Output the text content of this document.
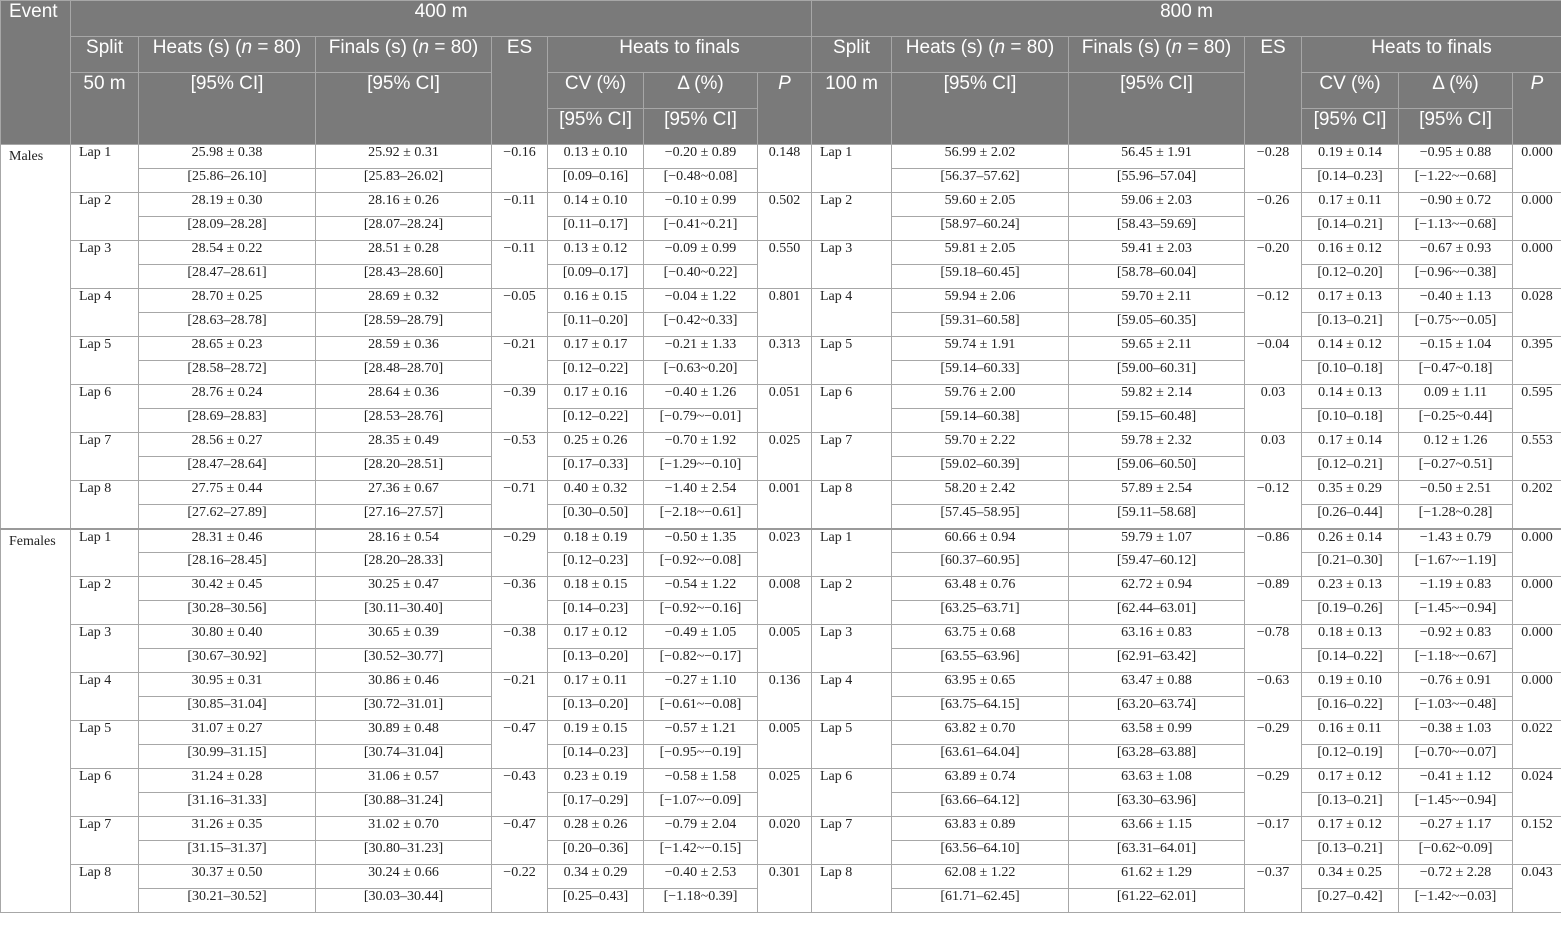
Event	400 m							800 m						
	Split	Heats (s) (n = 80)	Finals (s) (n = 80)	ES	Heats to finals			Split	Heats (s) (n = 80)	Finals (s) (n = 80)	ES	Heats to finals		
	50 m	[95% CI]	[95% CI]		CV (%)	Δ (%)	P	100 m	[95% CI]	[95% CI]		CV (%)	Δ (%)	P
					[95% CI]	[95% CI]						[95% CI]	[95% CI]	
Males	Lap 1	25.98 ± 0.38	25.92 ± 0.31	−0.16	0.13 ± 0.10	−0.20 ± 0.89	0.148	Lap 1	56.99 ± 2.02	56.45 ± 1.91	−0.28	0.19 ± 0.14	−0.95 ± 0.88	0.000
		[25.86–26.10]	[25.83–26.02]		[0.09–0.16]	[−0.48~0.08]			[56.37–57.62]	[55.96–57.04]		[0.14–0.23]	[−1.22~−0.68]	
	Lap 2	28.19 ± 0.30	28.16 ± 0.26	−0.11	0.14 ± 0.10	−0.10 ± 0.99	0.502	Lap 2	59.60 ± 2.05	59.06 ± 2.03	−0.26	0.17 ± 0.11	−0.90 ± 0.72	0.000
		[28.09–28.28]	[28.07–28.24]		[0.11–0.17]	[−0.41~0.21]			[58.97–60.24]	[58.43–59.69]		[0.14–0.21]	[−1.13~−0.68]	
	Lap 3	28.54 ± 0.22	28.51 ± 0.28	−0.11	0.13 ± 0.12	−0.09 ± 0.99	0.550	Lap 3	59.81 ± 2.05	59.41 ± 2.03	−0.20	0.16 ± 0.12	−0.67 ± 0.93	0.000
		[28.47–28.61]	[28.43–28.60]		[0.09–0.17]	[−0.40~0.22]			[59.18–60.45]	[58.78–60.04]		[0.12–0.20]	[−0.96~−0.38]	
	Lap 4	28.70 ± 0.25	28.69 ± 0.32	−0.05	0.16 ± 0.15	−0.04 ± 1.22	0.801	Lap 4	59.94 ± 2.06	59.70 ± 2.11	−0.12	0.17 ± 0.13	−0.40 ± 1.13	0.028
		[28.63–28.78]	[28.59–28.79]		[0.11–0.20]	[−0.42~0.33]			[59.31–60.58]	[59.05–60.35]		[0.13–0.21]	[−0.75~−0.05]	
	Lap 5	28.65 ± 0.23	28.59 ± 0.36	−0.21	0.17 ± 0.17	−0.21 ± 1.33	0.313	Lap 5	59.74 ± 1.91	59.65 ± 2.11	−0.04	0.14 ± 0.12	−0.15 ± 1.04	0.395
		[28.58–28.72]	[28.48–28.70]		[0.12–0.22]	[−0.63~0.20]			[59.14–60.33]	[59.00–60.31]		[0.10–0.18]	[−0.47~0.18]	
	Lap 6	28.76 ± 0.24	28.64 ± 0.36	−0.39	0.17 ± 0.16	−0.40 ± 1.26	0.051	Lap 6	59.76 ± 2.00	59.82 ± 2.14	0.03	0.14 ± 0.13	0.09 ± 1.11	0.595
		[28.69–28.83]	[28.53–28.76]		[0.12–0.22]	[−0.79~−0.01]			[59.14–60.38]	[59.15–60.48]		[0.10–0.18]	[−0.25~0.44]	
	Lap 7	28.56 ± 0.27	28.35 ± 0.49	−0.53	0.25 ± 0.26	−0.70 ± 1.92	0.025	Lap 7	59.70 ± 2.22	59.78 ± 2.32	0.03	0.17 ± 0.14	0.12 ± 1.26	0.553
		[28.47–28.64]	[28.20–28.51]		[0.17–0.33]	[−1.29~−0.10]			[59.02–60.39]	[59.06–60.50]		[0.12–0.21]	[−0.27~0.51]	
	Lap 8	27.75 ± 0.44	27.36 ± 0.67	−0.71	0.40 ± 0.32	−1.40 ± 2.54	0.001	Lap 8	58.20 ± 2.42	57.89 ± 2.54	−0.12	0.35 ± 0.29	−0.50 ± 2.51	0.202
		[27.62–27.89]	[27.16–27.57]		[0.30–0.50]	[−2.18~−0.61]			[57.45–58.95]	[59.11–58.68]		[0.26–0.44]	[−1.28~0.28]	
Females	Lap 1	28.31 ± 0.46	28.16 ± 0.54	−0.29	0.18 ± 0.19	−0.50 ± 1.35	0.023	Lap 1	60.66 ± 0.94	59.79 ± 1.07	−0.86	0.26 ± 0.14	−1.43 ± 0.79	0.000
		[28.16–28.45]	[28.20–28.33]		[0.12–0.23]	[−0.92~−0.08]			[60.37–60.95]	[59.47–60.12]		[0.21–0.30]	[−1.67~−1.19]	
	Lap 2	30.42 ± 0.45	30.25 ± 0.47	−0.36	0.18 ± 0.15	−0.54 ± 1.22	0.008	Lap 2	63.48 ± 0.76	62.72 ± 0.94	−0.89	0.23 ± 0.13	−1.19 ± 0.83	0.000
		[30.28–30.56]	[30.11–30.40]		[0.14–0.23]	[−0.92~−0.16]			[63.25–63.71]	[62.44–63.01]		[0.19–0.26]	[−1.45~−0.94]	
	Lap 3	30.80 ± 0.40	30.65 ± 0.39	−0.38	0.17 ± 0.12	−0.49 ± 1.05	0.005	Lap 3	63.75 ± 0.68	63.16 ± 0.83	−0.78	0.18 ± 0.13	−0.92 ± 0.83	0.000
		[30.67–30.92]	[30.52–30.77]		[0.13–0.20]	[−0.82~−0.17]			[63.55–63.96]	[62.91–63.42]		[0.14–0.22]	[−1.18~−0.67]	
	Lap 4	30.95 ± 0.31	30.86 ± 0.46	−0.21	0.17 ± 0.11	−0.27 ± 1.10	0.136	Lap 4	63.95 ± 0.65	63.47 ± 0.88	−0.63	0.19 ± 0.10	−0.76 ± 0.91	0.000
		[30.85–31.04]	[30.72–31.01]		[0.13–0.20]	[−0.61~−0.08]			[63.75–64.15]	[63.20–63.74]		[0.16–0.22]	[−1.03~−0.48]	
	Lap 5	31.07 ± 0.27	30.89 ± 0.48	−0.47	0.19 ± 0.15	−0.57 ± 1.21	0.005	Lap 5	63.82 ± 0.70	63.58 ± 0.99	−0.29	0.16 ± 0.11	−0.38 ± 1.03	0.022
		[30.99–31.15]	[30.74–31.04]		[0.14–0.23]	[−0.95~−0.19]			[63.61–64.04]	[63.28–63.88]		[0.12–0.19]	[−0.70~−0.07]	
	Lap 6	31.24 ± 0.28	31.06 ± 0.57	−0.43	0.23 ± 0.19	−0.58 ± 1.58	0.025	Lap 6	63.89 ± 0.74	63.63 ± 1.08	−0.29	0.17 ± 0.12	−0.41 ± 1.12	0.024
		[31.16–31.33]	[30.88–31.24]		[0.17–0.29]	[−1.07~−0.09]			[63.66–64.12]	[63.30–63.96]		[0.13–0.21]	[−1.45~−0.94]	
	Lap 7	31.26 ± 0.35	31.02 ± 0.70	−0.47	0.28 ± 0.26	−0.79 ± 2.04	0.020	Lap 7	63.83 ± 0.89	63.66 ± 1.15	−0.17	0.17 ± 0.12	−0.27 ± 1.17	0.152
		[31.15–31.37]	[30.80–31.23]		[0.20–0.36]	[−1.42~−0.15]			[63.56–64.10]	[63.31–64.01]		[0.13–0.21]	[−0.62~0.09]	
	Lap 8	30.37 ± 0.50	30.24 ± 0.66	−0.22	0.34 ± 0.29	−0.40 ± 2.53	0.301	Lap 8	62.08 ± 1.22	61.62 ± 1.29	−0.37	0.34 ± 0.25	−0.72 ± 2.28	0.043
		[30.21–30.52]	[30.03–30.44]		[0.25–0.43]	[−1.18~0.39]			[61.71–62.45]	[61.22–62.01]		[0.27–0.42]	[−1.42~−0.03]	
